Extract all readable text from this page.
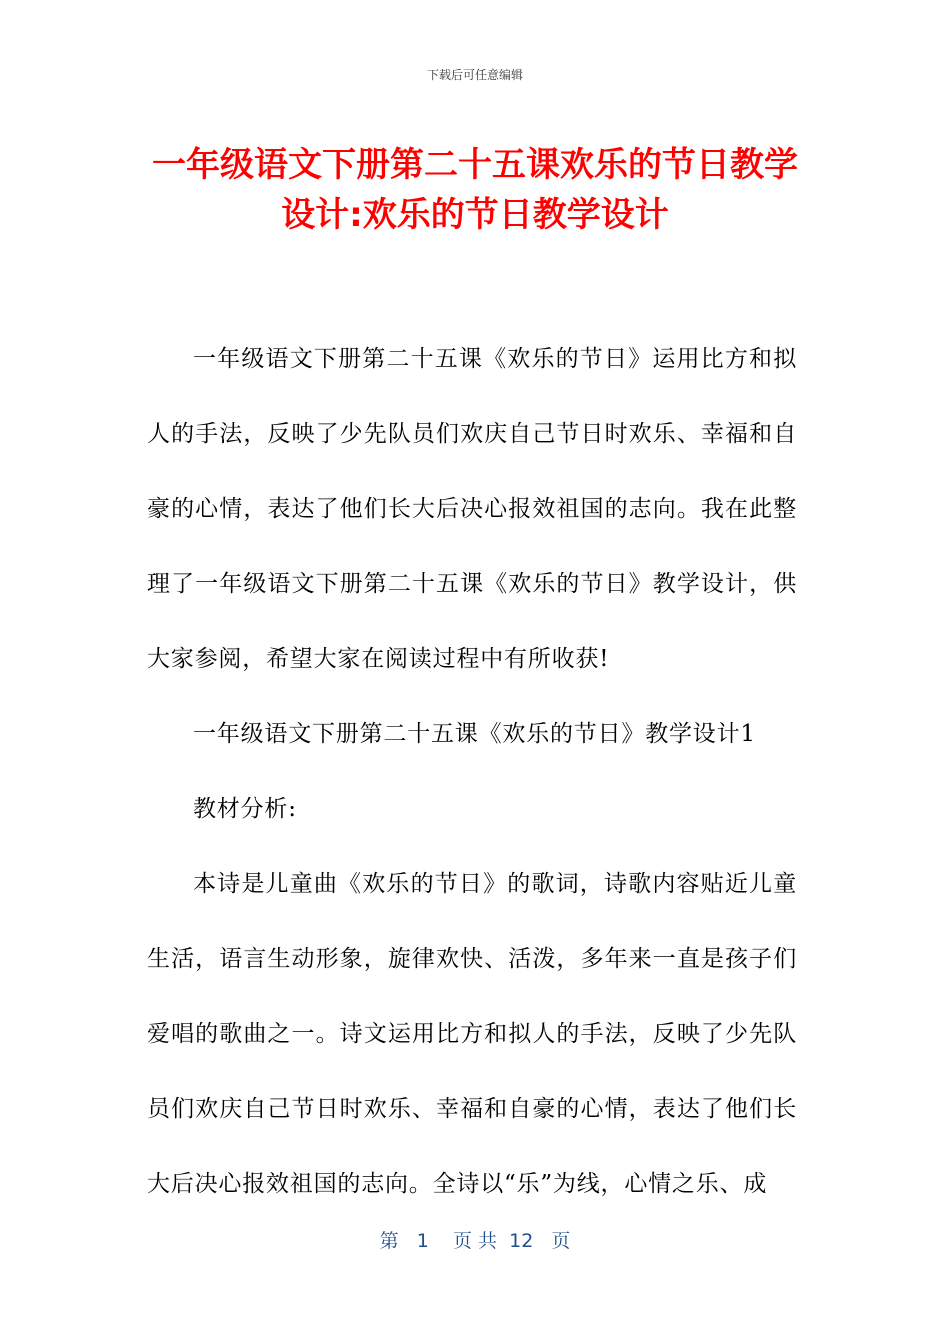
下载后可任意编辑
一年级语文下册第二十五课欢乐的节日教学
设计:欢乐的节日教学设计

一年级语文下册第二十五课《欢乐的节日》运用比方和拟人的手法，反映了少先队员们欢庆自己节日时欢乐、幸福和自豪的心情，表达了他们长大后决心报效祖国的志向。我在此整理了一年级语文下册第二十五课《欢乐的节日》教学设计，供大家参阅，希望大家在阅读过程中有所收获!

一年级语文下册第二十五课《欢乐的节日》教学设计1

教材分析:

本诗是儿童曲《欢乐的节日》的歌词，诗歌内容贴近儿童生活，语言生动形象，旋律欢快、活泼，多年来一直是孩子们爱唱的歌曲之一。诗文运用比方和拟人的手法，反映了少先队员们欢庆自己节日时欢乐、幸福和自豪的心情，表达了他们长大后决心报效祖国的志向。全诗以“乐”为线，心情之乐、成

第 1 页 共 12 页
